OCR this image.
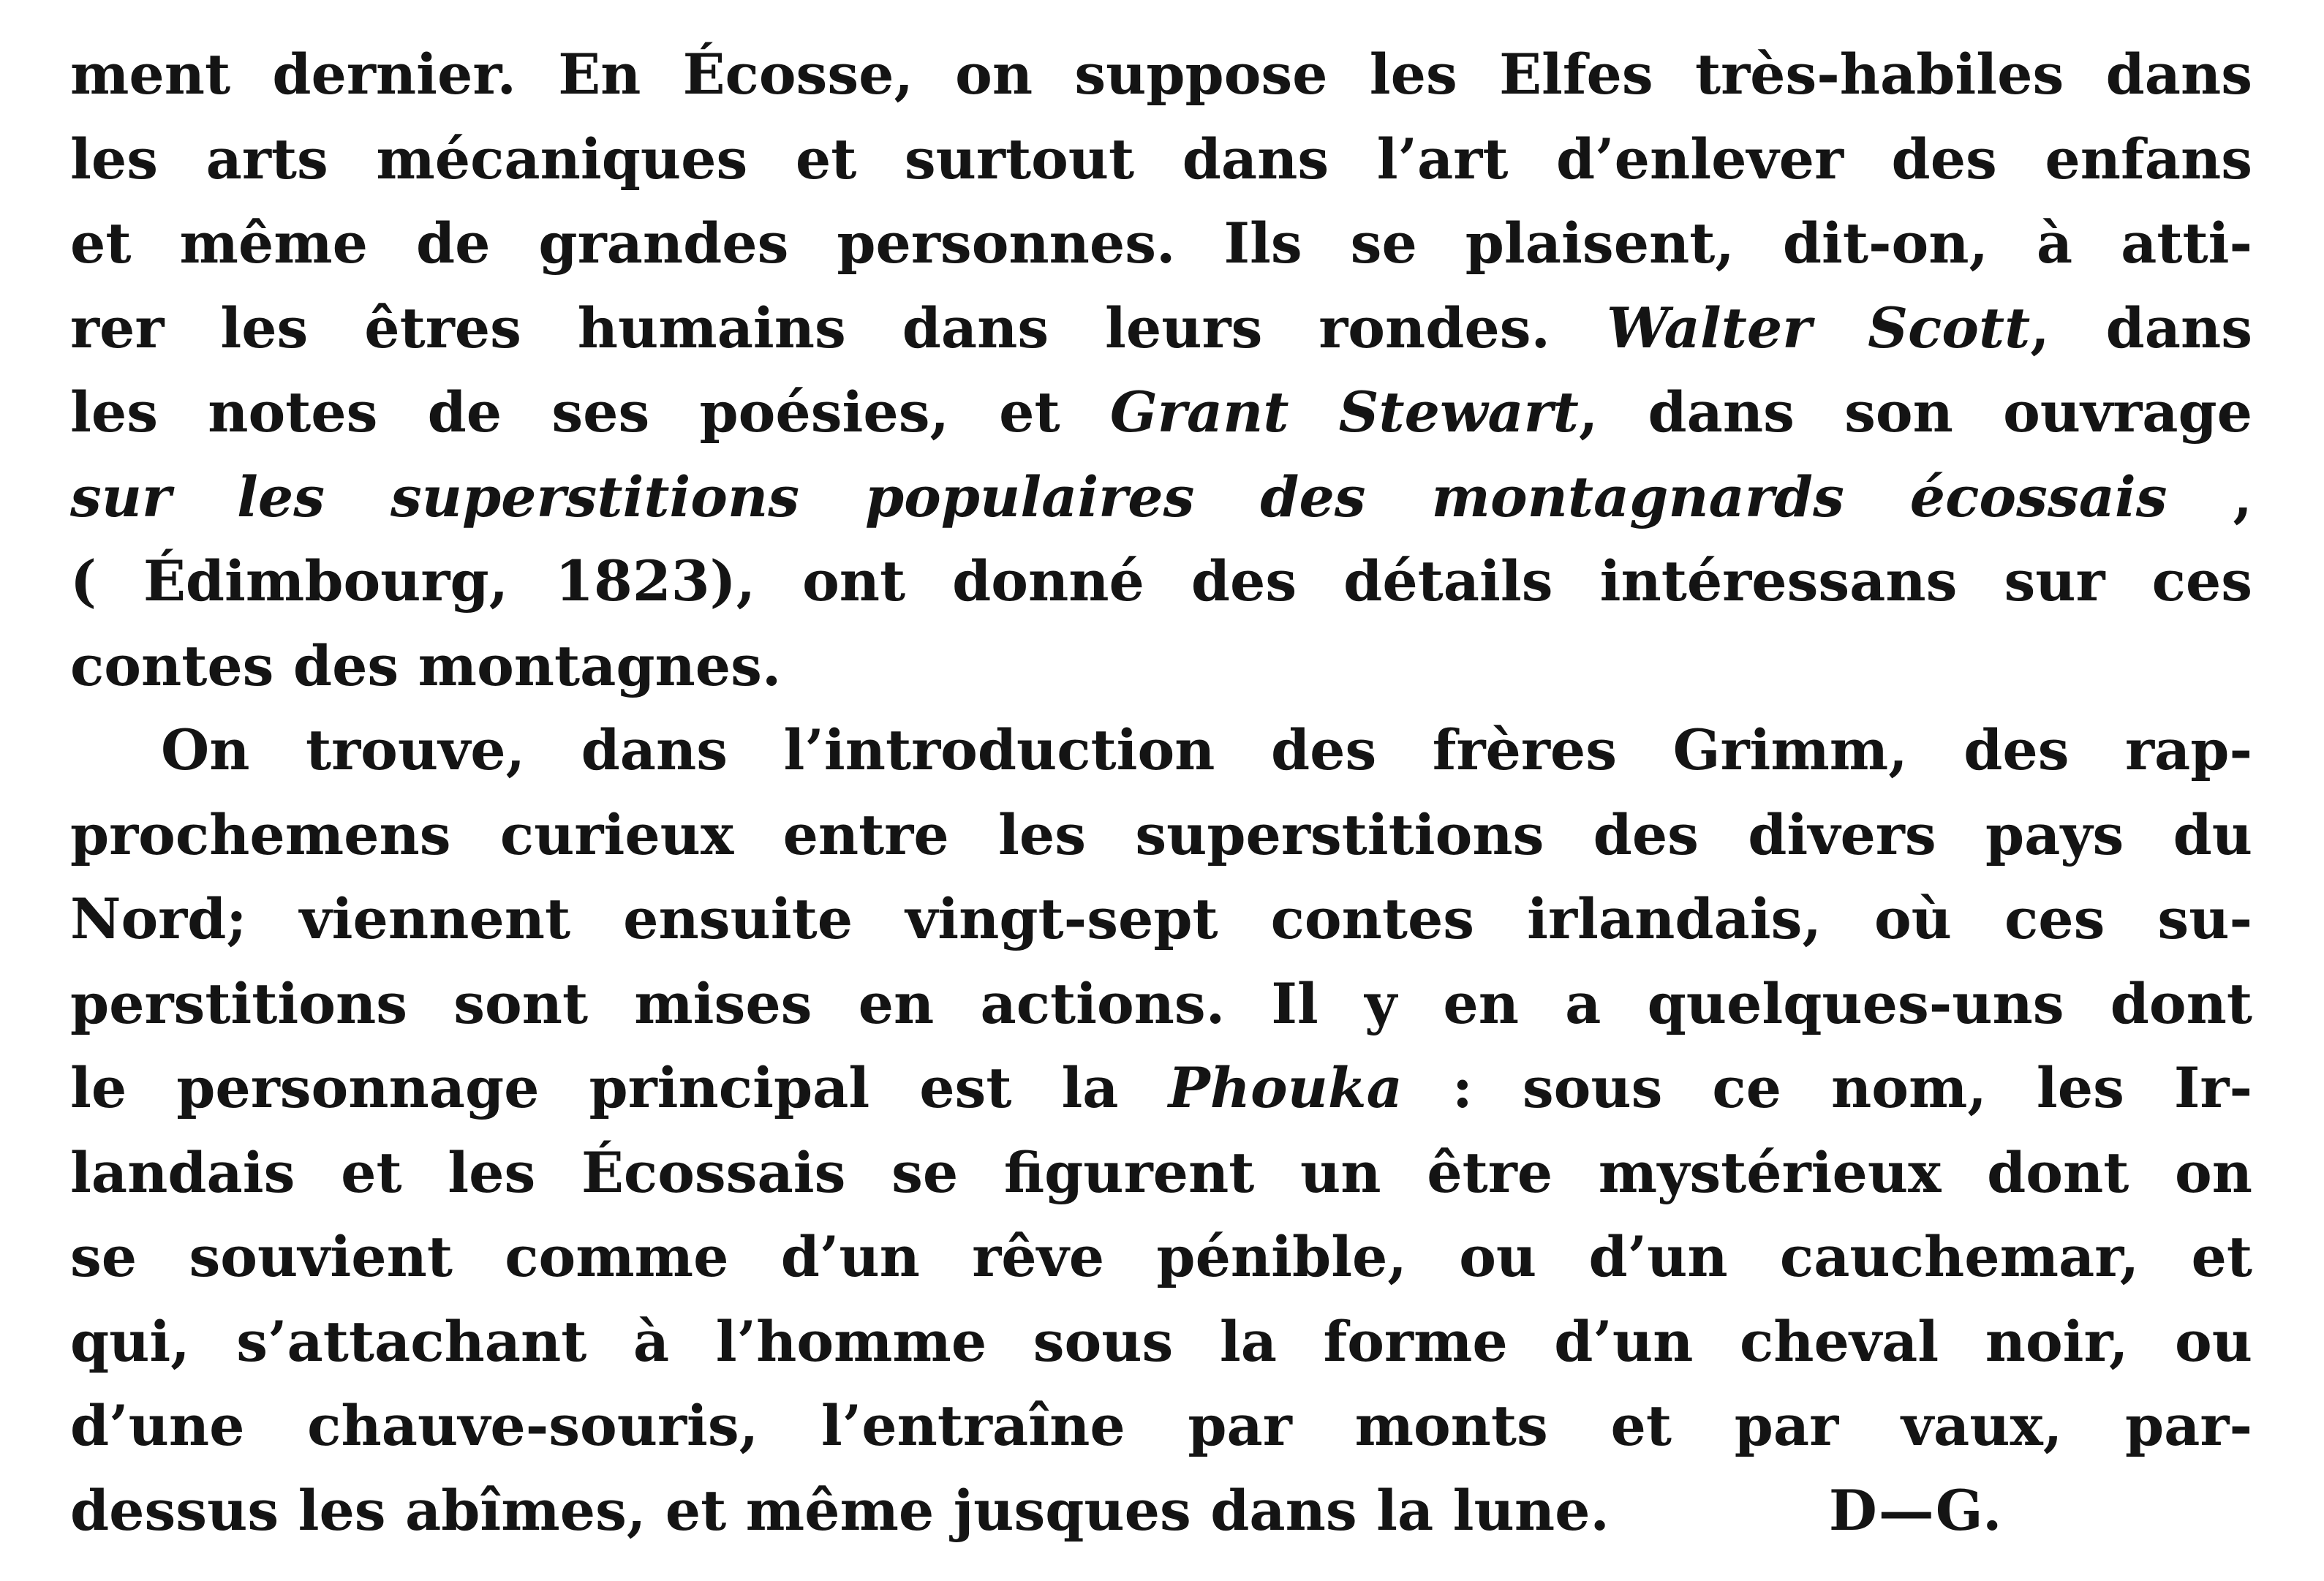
ment dernier. En Écosse, on suppose les Elfes très-habiles dans
les arts mécaniques et surtout dans l’art d’enlever des enfans
et même de grandes personnes. Ils se plaisent, dit-on, à atti-
rer les êtres humains dans leurs rondes. Walter Scott, dans
les notes de ses poésies, et Grant Stewart, dans son ouvrage
sur les superstitions populaires des montagnards écossais ,
( Édimbourg, 1823), ont donné des détails intéressans sur ces
contes des montagnes.
On trouve, dans l’introduction des frères Grimm, des rap-
prochemens curieux entre les superstitions des divers pays du
Nord; viennent ensuite vingt-sept contes irlandais, où ces su-
perstitions sont mises en actions. Il y en a quelques-uns dont
le personnage principal est la Phouka : sous ce nom, les Ir-
landais et les Écossais se figurent un être mystérieux dont on
se souvient comme d’un rêve pénible, ou d’un cauchemar, et
qui, s’attachant à l’homme sous la forme d’un cheval noir, ou
d’une chauve-souris, l’entraîne par monts et par vaux, par-
dessus les abîmes, et même jusques dans la lune.	D—G.
